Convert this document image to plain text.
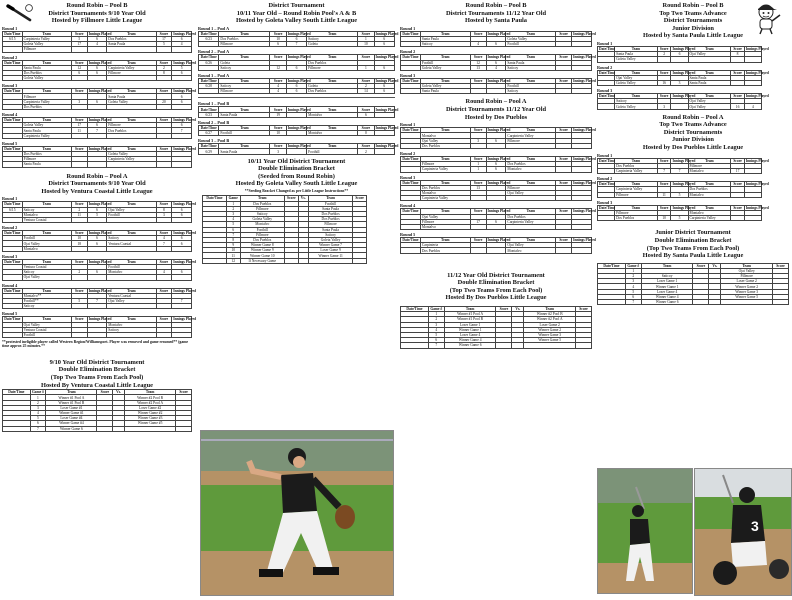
Round Robin – Pool B
District Tournaments 9/10 Year Old
Hosted by Fillmore Little League
Round 1
Date/Time	Team	Score	Innings Played	Team	Score	Innings Played
6/15	Carpinteria Valley	5	6	Dos Pueblos	17	6
	Goleta Valley	17	4	Santa Paula	5	4
	Fillmore					
Round 2
Date/Time	Team	Score	Innings Played	Team	Score	Innings Played
	Santa Paula	12	6	Carpinteria Valley	2	5
	Dos Pueblos	6	6	Fillmore	8	6
	Goleta Valley					
Round 3
Date/Time	Team	Score	Innings Played	Team	Score	Innings Played
	Fillmore			Santa Paula		6
	Carpinteria Valley	3	6	Goleta Valley	20	6
	Dos Pueblos					
Round 4
Date/Time	Team	Score	Innings Played	Team	Score	Innings Played
	Goleta Valley	17	6	Fillmore		6
	Santa Paula	11	7	Dos Pueblos		7
	Carpinteria Valley					
Round 5
Date/Time	Team	Score	Innings Played	Team	Score	Innings Played
	Dos Pueblos			Goleta Valley		
	Fillmore			Carpinteria Valley		
	Santa Paula					
Round Robin – Pool A
District Tournaments 9/10 Year Old
Hosted by Ventura Coastal Little League
Round 1
Date/Time	Team	Score	Innings Played	Team	Score	Innings Played
6/15	Saticoy	2	6	Ojai Valley	8	6
	Montalvo	11	5	Foothill	3	6
	Ventura Coastal					
Round 2
Date/Time	Team	Score	Innings Played	Team	Score	Innings Played
	Foothill	10	6	Saticoy	4	6
	Ojai Valley	18	6	Ventura Coastal	7	6
	Montalvo					
Round 3
Date/Time	Team	Score	Innings Played	Team	Score	Innings Played
	Ventura Coastal			Foothill		
	Saticoy	2	6	Montalvo	4	6
	Ojai Valley					
Round 4
Date/Time	Team	Score	Innings Played	Team	Score	Innings Played
	Montalvo**			Ventura Coastal		
	Foothill**	5	7	Ojai Valley		7
	Saticoy					
Round 5
Date/Time	Team	Score	Innings Played	Team	Score	Innings Played
	Ojai Valley			Montalvo		
	Ventura Coastal			Saticoy		
	Foothill					
**protested ineligible player called Western Region/Williamsport. Player was removed and game resumed** (game time approx 25 minutes.**
9/10 Year Old District Tournament
Double Elimination Bracket
(Top Two Teams From Each Pool)
Hosted By Ventura Coastal Little League
Date/Time	Game #	Team	Score	Vs.	Team	Score
	1	Winner #1 Pool A			Winner #2 Pool B	
	2	Winner #1 Pool B			Winner #2 Pool A	
	3	Loser Game #1			Loser Game #2	
	4	Winner Game #1			Winner Game #2	
	5	Loser Game #4			Winner Game #3	
	6	Winner Game #4			Winner Game #5	
	7	Winner Game 6				
District Tournament
10/11 Year Old – Round Robin Pool's A & B
Hosted by Goleta Valley South Little League
Round 1 – Pool A
Date/Time	Team	Score	Innings Played	Team	Score	Innings Played
6/23	Dos Pueblos	10	6	Saticoy	1	6
	Fillmore	6	7	Goleta	10	6
Round 2 – Pool A
Date/Time	Team	Score	Innings Played	Team	Score	Innings Played
6/26	Goleta			Dos Pueblos		
	Saticoy	12	6	Fillmore	1	6
Round 3 – Pool A
Date/Time	Team	Score	Innings Played	Team	Score	Innings Played
6/28	Saticoy	4	6	Goleta	2	6
	Fillmore	4	6	Dos Pueblos	14	6
Round 1 – Pool B
Date/Time	Team	Score	Innings Played	Team	Score	Innings Played
6/23	Santa Paula	19		Montalvo	6	
Round 2 – Pool B
Date/Time	Team	Score	Innings Played	Team	Score	Innings Played
6/27	Foothill	10		Montalvo	0	
Round 3 – Pool B
Date/Time	Team	Score	Innings Played	Team	Score	Innings Played
6/29	Santa Paula	3		Foothill	2	
10/11 Year Old District Tournament
Double Elimination Bracket
(Seeded from Round Robin)
Hosted By Goleta Valley South Little League
**Seeding Bracket Changed as per Little League Instructions**
Date/Time	Game	Team	Score	Vs.	Team	Score
	1	Dos Pueblos			Foothill	
	2	Fillmore			Santa Paula	
	3	Saticoy			Dos Pueblos	
	4	Goleta Valley			Dos Pueblos	
	5	Montalvo			Fillmore	
	6	Foothill			Santa Paula	
	7	Fillmore			Saticoy	
	8	Dos Pueblos			Goleta Valley	
	9	Winner Game 8			Winner Game 7	
	10	Winner Game 9			Loser Game 9	
	11	Winner Game 10			Winner Game 11	
	12	If Necessary Game				
Round Robin – Pool B
District Tournaments 11/12 Year Old
Hosted by Santa Paula
Round 1
Date/Time	Team	Score	Innings Played	Team	Score	Innings Played
	Santa Paula			Goleta Valley		
	Saticoy	4	6	Foothill		
Round 2
Date/Time	Team	Score	Innings Played	Team	Score	Innings Played
	Foothill	12	6	Santa Paula		
	Goleta Valley	13	4	Saticoy		
Round 3
Date/Time	Team	Score	Innings Played	Team	Score	Innings Played
	Goleta Valley			Foothill		
	Santa Paula			Saticoy		
Round Robin – Pool A
District Tournaments 11/12 Year Old
Hosted by Dos Pueblos
Round 1
Date/Time	Team	Score	Innings Played	Team	Score	Innings Played
	Montalvo			Carpinteria Valley		
	Ojai Valley	3	6	Fillmore		
	Dos Pueblos					
Round 2
Date/Time	Team	Score	Innings Played	Team	Score	Innings Played
	Fillmore	1	6	Dos Pueblos		
	Carpinteria Valley	1	6	Montalvo		
Round 3
Date/Time	Team	Score	Innings Played	Team	Score	Innings Played
	Dos Pueblos	13		Fillmore		
	Montalvo			Ojai Valley		
	Carpinteria Valley					
Round 4
Date/Time	Team	Score	Innings Played	Team	Score	Innings Played
	Ojai Valley			Dos Pueblos		
	Fillmore	17	6	Carpinteria Valley		
	Montalvo					
Round 5
Date/Time	Team	Score	Innings Played	Team	Score	Innings Played
	Carpinteria			Ojai Valley		
	Dos Pueblos			Montalvo		
11/12 Year Old District Tournament
Double Elimination Bracket
(Top Two Teams From Each Pool)
Hosted By Dos Pueblos Little League
Date/Time	Game #	Team	Score	Vs.	Team	Score
	1	Winner #1 Pool A			Winner #2 Pool B	
	2	Winner #1 Pool B			Winner #2 Pool A	
	3	Loser Game 1			Loser Game 2	
	4	Winner Game 1			Winner Game 2	
	5	Loser Game 4			Winner Game 3	
	6	Winner Game 4			Winner Game 5	
	7	Winner Game 6				
Round Robin – Pool B
Top Two Teams Advance
District Tournaments
Junior Division
Hosted by Santa Paula Little League
Round 1
Date/Time	Team	Score	Innings Played	Team	Score	Innings Played
	Santa Paula	2	6	Ojai Valley	8	
	Goleta Valley					
Round 2
Date/Time	Team	Score	Innings Played	Team	Score	Innings Played
	Ojai Valley			Santa Paula		
	Goleta Valley	16	3	Santa Paula		
Round 3
Date/Time	Team	Score	Innings Played	Team	Score	Innings Played
	Saticoy			Ojai Valley		
	Goleta Valley	3		Ojai Valley	16	4
Round Robin – Pool A
Top Two Teams Advance
District Tournaments
Junior Division
Hosted by Dos Pueblos Little League
Round 1
Date/Time	Team	Score	Innings Played	Team	Score	Innings Played
	Dos Pueblos			Fillmore		
	Carpinteria Valley	7	7	Montalvo	17	
Round 2
Date/Time	Team	Score	Innings Played	Team	Score	Innings Played
	Carpinteria Valley			Dos Pueblos		
	Fillmore	11	5	Montalvo		
Round 3
Date/Time	Team	Score	Innings Played	Team	Score	Innings Played
	Fillmore			Montalvo		
	Dos Pueblos	10	5	Carpinteria Valley		
Junior District Tournament
Double Elimination Bracket
(Top Two Teams From Each Pool)
Hosted By Santa Paula Little League
Date/Time	Game #	Team	Score	Vs.	Team	Score
	1				Ojai Valley	
	2	Saticoy			Fillmore	
	3	Loser Game 1			Loser Game 2	
	4	Winner Game 1			Winner Game 2	
	5	Loser Game 4			Winner Game 3	
	6	Winner Game 4			Winner Game 5	
	7	Winner Game 6				
3
